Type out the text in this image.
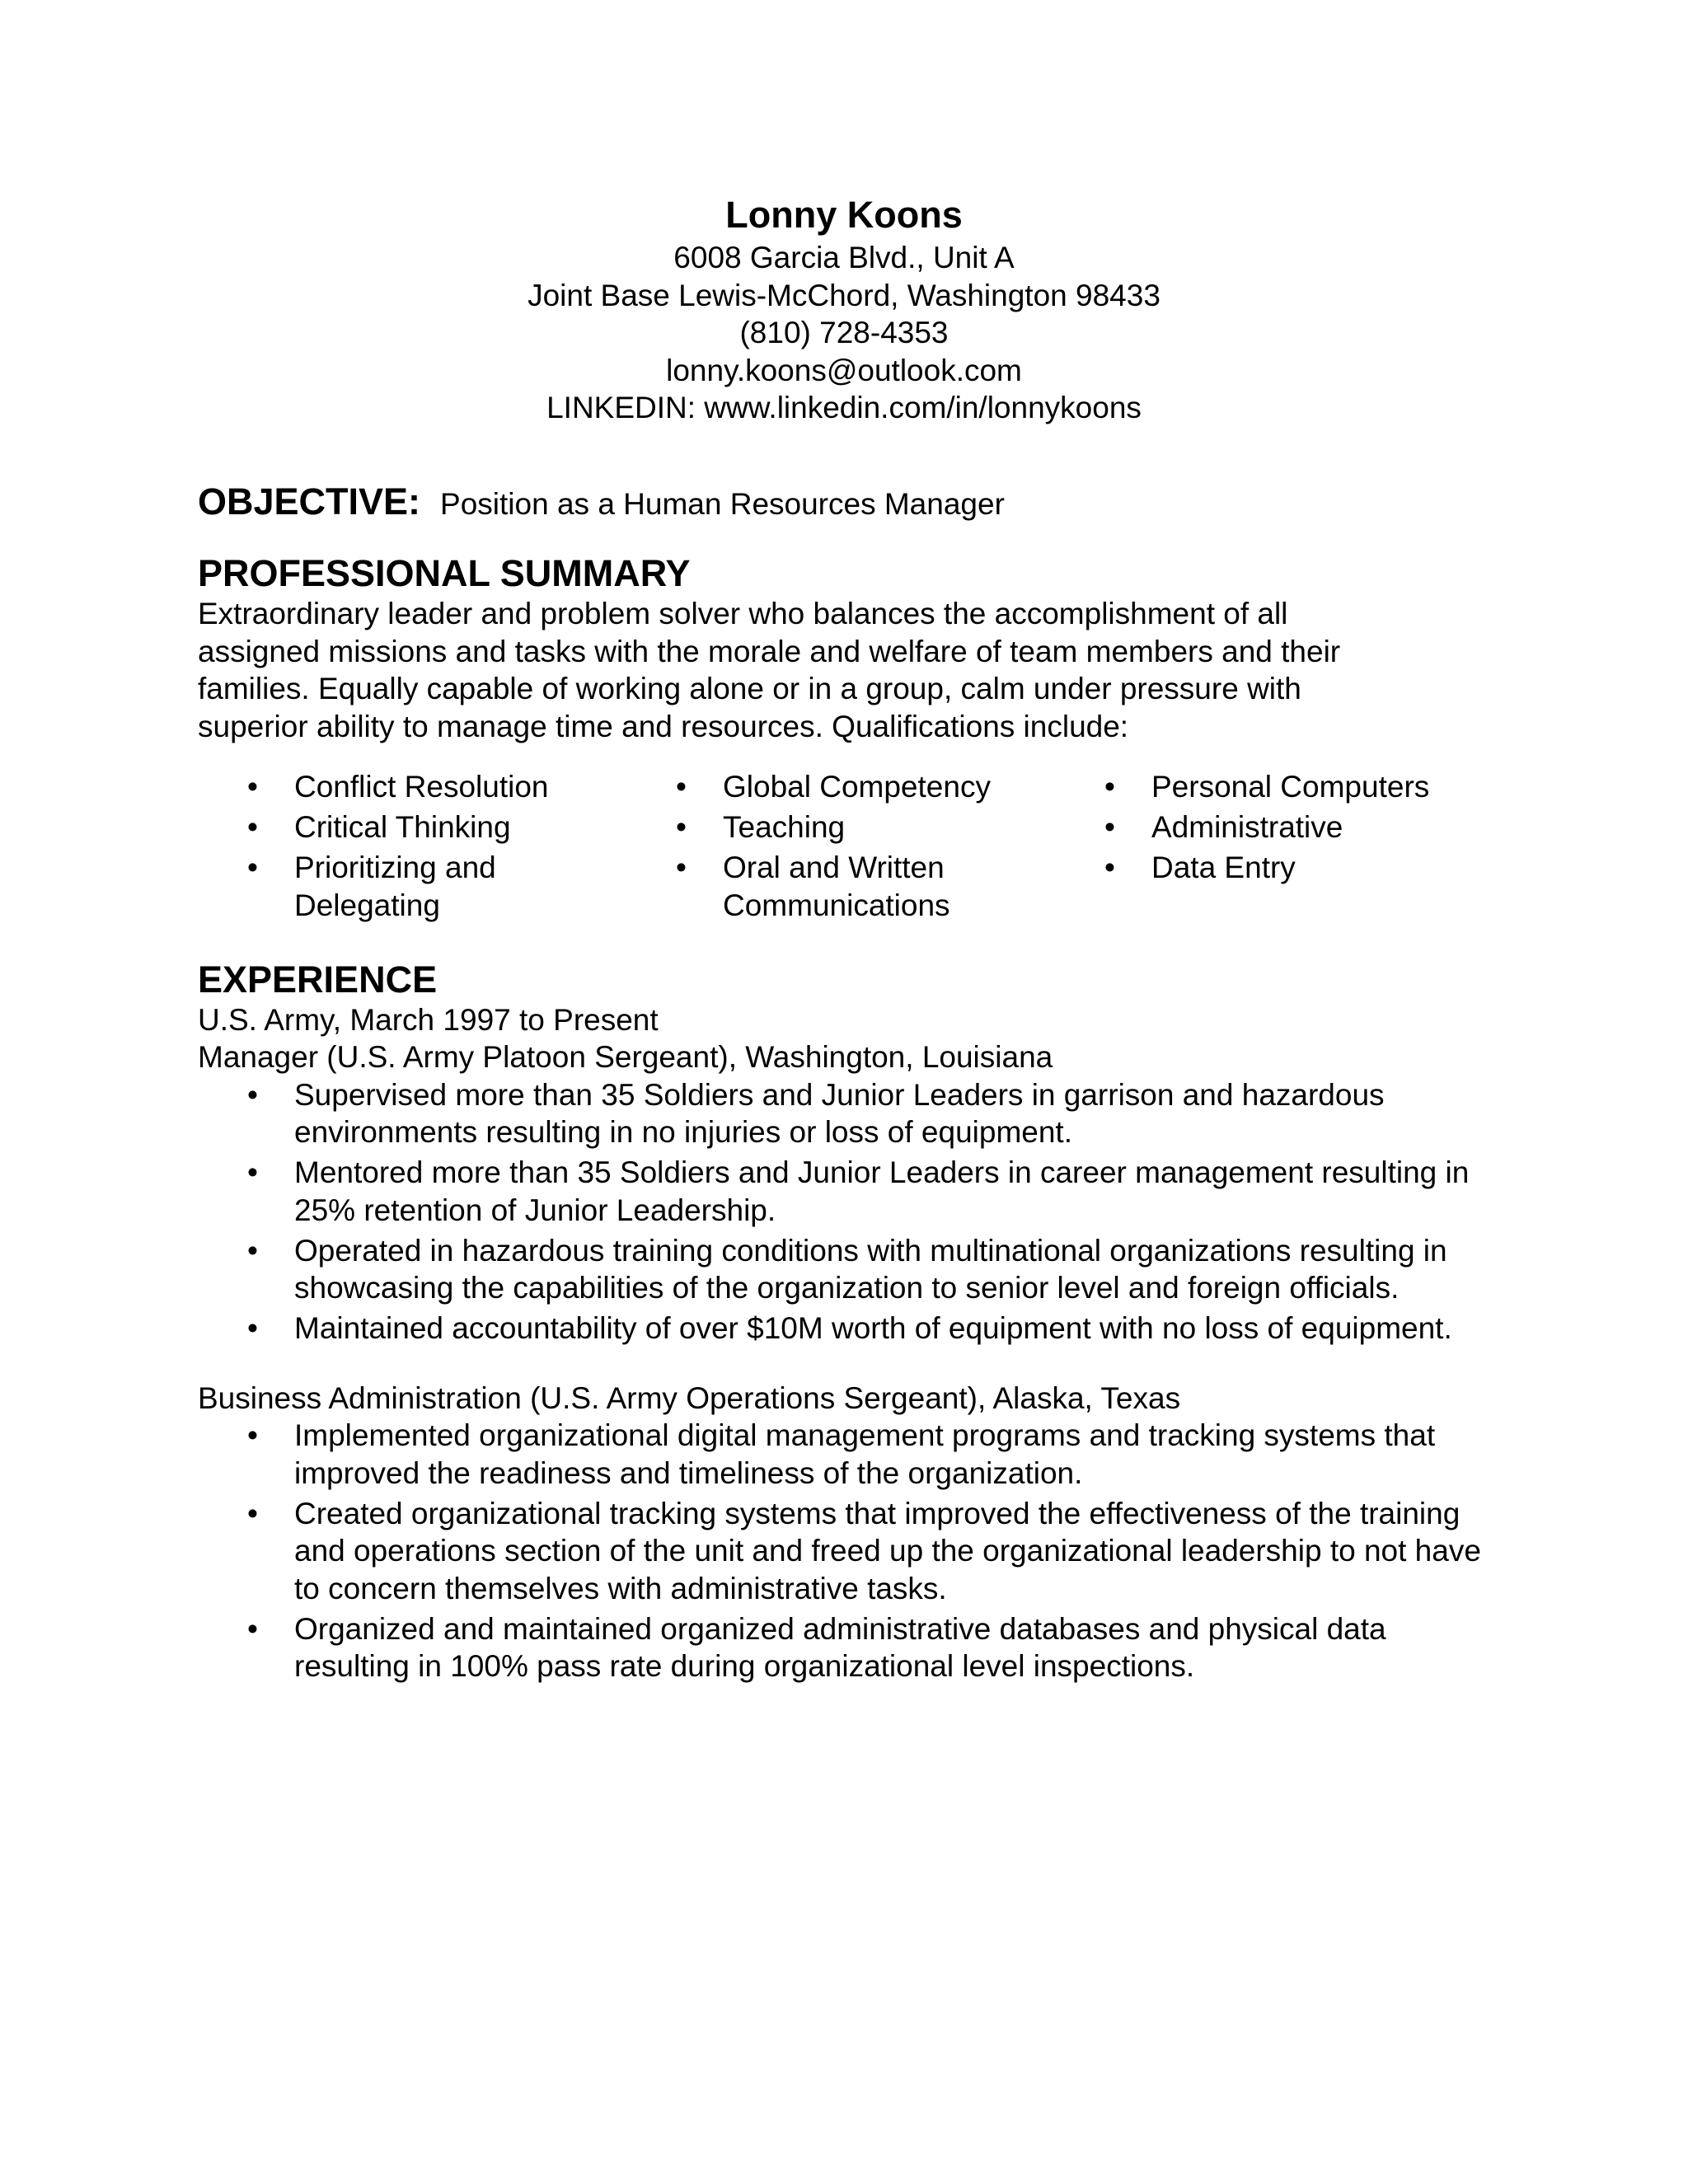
Lonny Koons
6008 Garcia Blvd., Unit A
Joint Base Lewis-McChord, Washington 98433
(810) 728-4353
lonny.koons@outlook.com
LINKEDIN: www.linkedin.com/in/lonnykoons
OBJECTIVE: Position as a Human Resources Manager
PROFESSIONAL SUMMARY
Extraordinary leader and problem solver who balances the accomplishment of all
assigned missions and tasks with the morale and welfare of team members and their
families. Equally capable of working alone or in a group, calm under pressure with
superior ability to manage time and resources. Qualifications include:
• Conflict Resolution
• Critical Thinking
• Prioritizing and Delegating
• Global Competency
• Teaching
• Oral and Written Communications
• Personal Computers
• Administrative
• Data Entry
EXPERIENCE
U.S. Army, March 1997 to Present
Manager (U.S. Army Platoon Sergeant), Washington, Louisiana
• Supervised more than 35 Soldiers and Junior Leaders in garrison and hazardous environments resulting in no injuries or loss of equipment.
• Mentored more than 35 Soldiers and Junior Leaders in career management resulting in 25% retention of Junior Leadership.
• Operated in hazardous training conditions with multinational organizations resulting in showcasing the capabilities of the organization to senior level and foreign officials.
• Maintained accountability of over $10M worth of equipment with no loss of equipment.
Business Administration (U.S. Army Operations Sergeant), Alaska, Texas
• Implemented organizational digital management programs and tracking systems that improved the readiness and timeliness of the organization.
• Created organizational tracking systems that improved the effectiveness of the training and operations section of the unit and freed up the organizational leadership to not have to concern themselves with administrative tasks.
• Organized and maintained organized administrative databases and physical data resulting in 100% pass rate during organizational level inspections.
